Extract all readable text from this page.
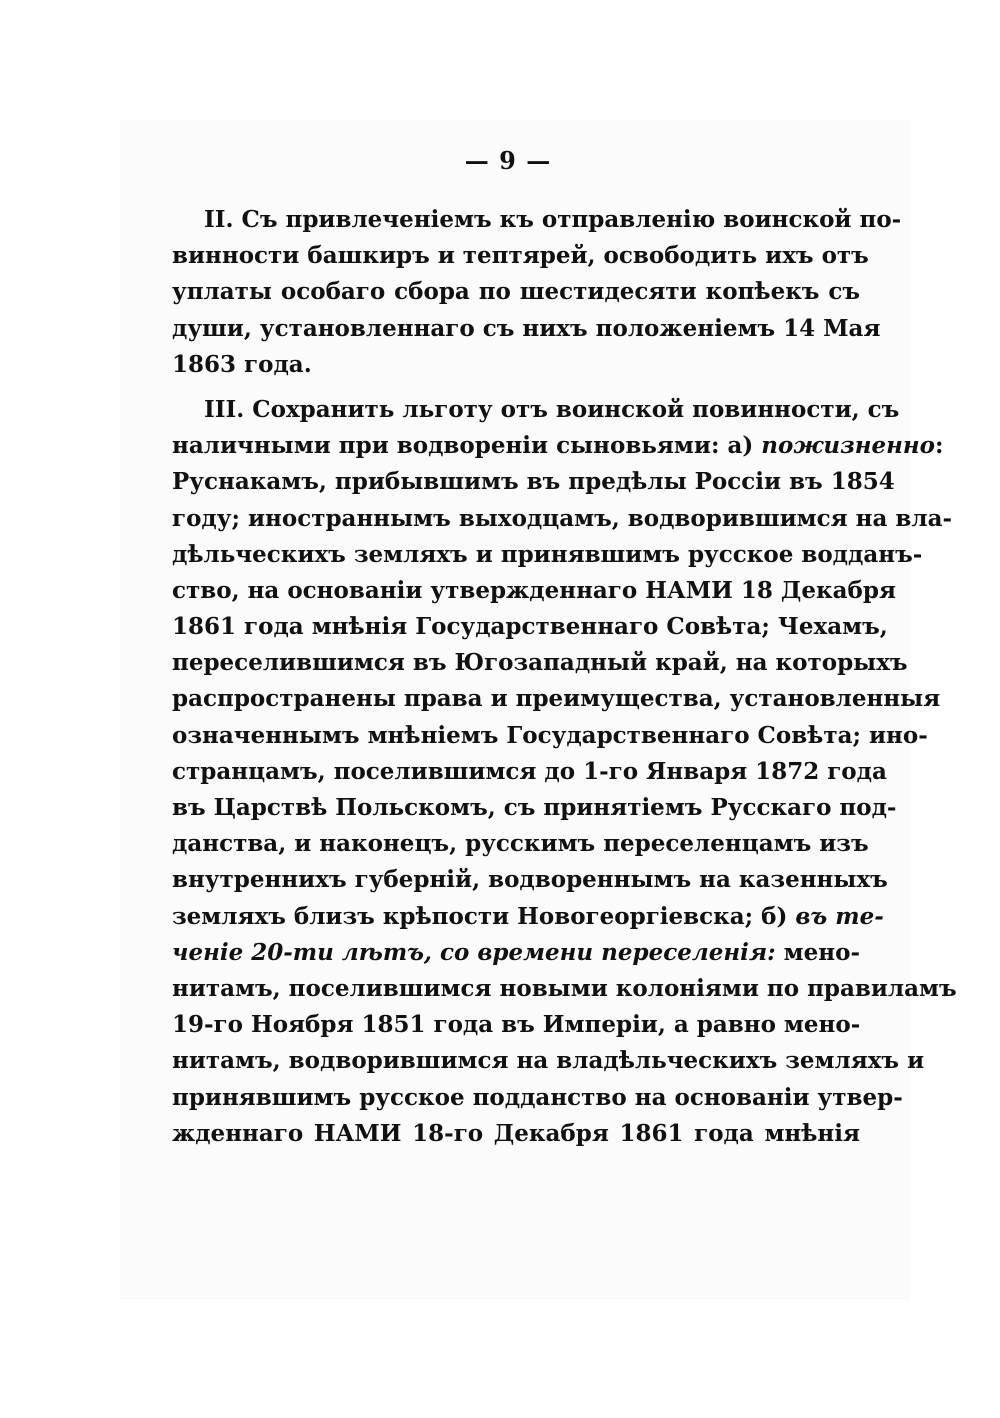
— 9 —
II. Съ привлеченіемъ къ отправленію воинской по-
винности башкиръ и тептярей, освободить ихъ отъ
уплаты особаго сбора по шестидесяти копѣекъ съ
души, установленнаго съ нихъ положеніемъ 14 Мая
1863 года.
III. Сохранить льготу отъ воинской повинности, съ
наличными при водвореніи сыновьями: а) пожизненно:
Руснакамъ, прибывшимъ въ предѣлы Россіи въ 1854
году; иностраннымъ выходцамъ, водворившимся на вла-
дѣльческихъ земляхъ и принявшимъ русское водданъ-
ство, на основаніи утвержденнаго НАМИ 18 Декабря
1861 года мнѣнія Государственнаго Совѣта; Чехамъ,
переселившимся въ Югозападный край, на которыхъ
распространены права и преимущества, установленныя
означеннымъ мнѣніемъ Государственнаго Совѣта; ино-
странцамъ, поселившимся до 1-го Января 1872 года
въ Царствѣ Польскомъ, съ принятіемъ Русскаго под-
данства, и наконецъ, русскимъ переселенцамъ изъ
внутреннихъ губерній, водвореннымъ на казенныхъ
земляхъ близъ крѣпости Новогеоргіевска; б) въ те-
ченіе 20-ти лѣтъ, со времени переселенія: мено-
нитамъ, поселившимся новыми колоніями по правиламъ
19-го Ноября 1851 года въ Имперіи, а равно мено-
нитамъ, водворившимся на владѣльческихъ земляхъ и
принявшимъ русское подданство на основаніи утвер-
жденнаго НАМИ 18-го Декабря 1861 года мнѣнія
